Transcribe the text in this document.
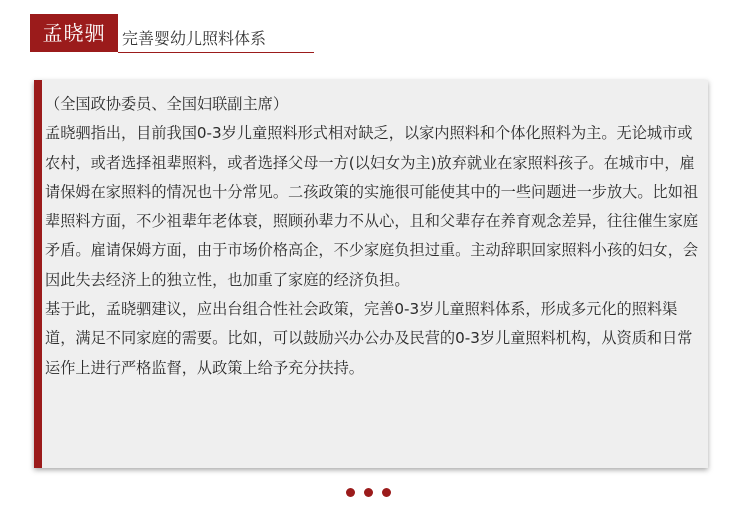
孟晓驷	完善婴幼儿照料体系

（全国政协委员、全国妇联副主席）

孟晓驷指出，目前我国0-3岁儿童照料形式相对缺乏，以家内照料和个体化照料为主。无论城市或农村，或者选择祖辈照料，或者选择父母一方(以妇女为主)放弃就业在家照料孩子。在城市中，雇请保姆在家照料的情况也十分常见。二孩政策的实施很可能使其中的一些问题进一步放大。比如祖辈照料方面，不少祖辈年老体衰，照顾孙辈力不从心，且和父辈存在养育观念差异，往往催生家庭矛盾。雇请保姆方面，由于市场价格高企，不少家庭负担过重。主动辞职回家照料小孩的妇女，会因此失去经济上的独立性，也加重了家庭的经济负担。

基于此，孟晓驷建议，应出台组合性社会政策，完善0-3岁儿童照料体系，形成多元化的照料渠道，满足不同家庭的需要。比如，可以鼓励兴办公办及民营的0-3岁儿童照料机构，从资质和日常运作上进行严格监督，从政策上给予充分扶持。
